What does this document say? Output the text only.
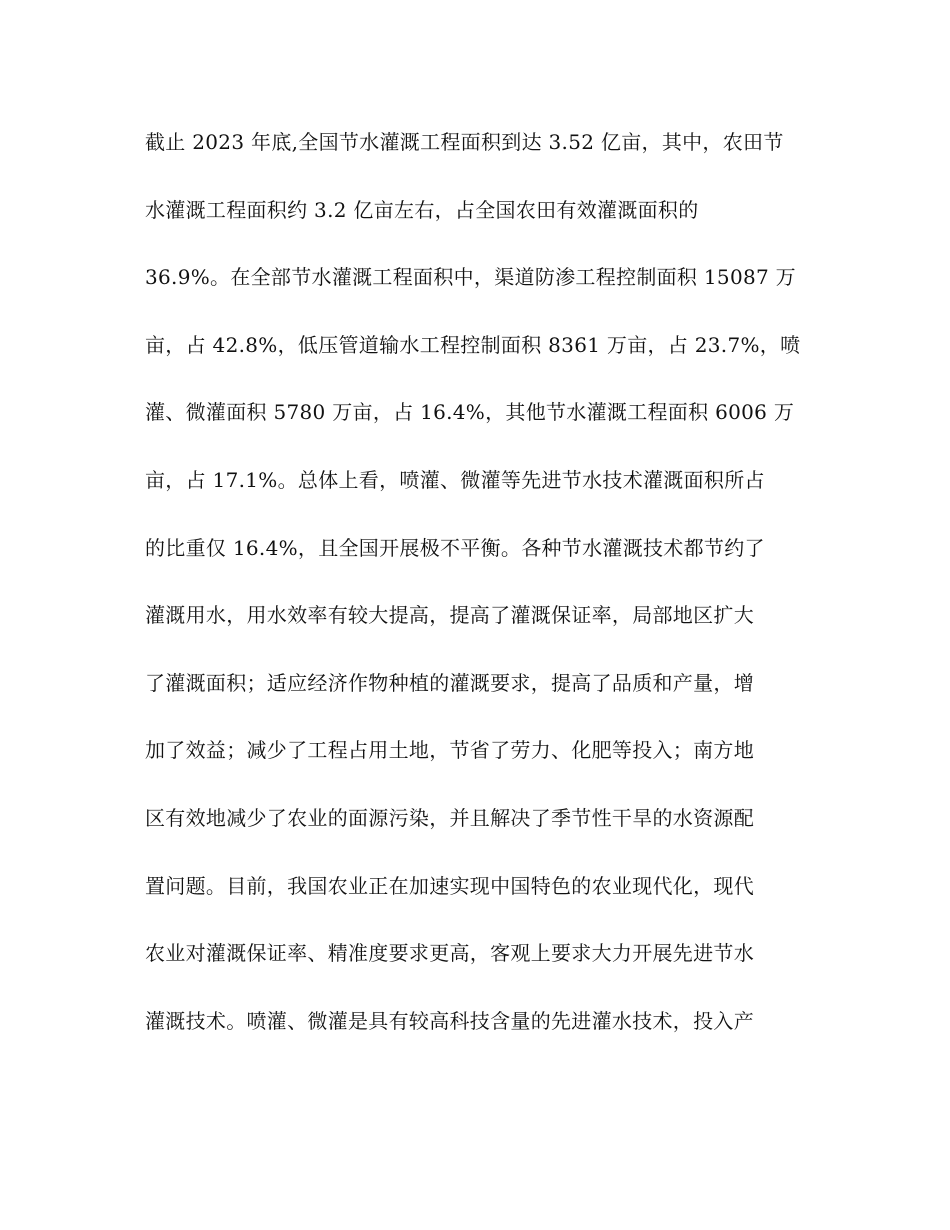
截止 2023 年底,全国节水灌溉工程面积到达 3.52 亿亩，其中，农田节
水灌溉工程面积约 3.2 亿亩左右，占全国农田有效灌溉面积的
36.9%。在全部节水灌溉工程面积中，渠道防渗工程控制面积 15087 万
亩，占 42.8%，低压管道输水工程控制面积 8361 万亩，占 23.7%，喷
灌、微灌面积 5780 万亩，占 16.4%，其他节水灌溉工程面积 6006 万
亩，占 17.1%。总体上看，喷灌、微灌等先进节水技术灌溉面积所占
的比重仅 16.4%，且全国开展极不平衡。各种节水灌溉技术都节约了
灌溉用水，用水效率有较大提高，提高了灌溉保证率，局部地区扩大
了灌溉面积；适应经济作物种植的灌溉要求，提高了品质和产量，增
加了效益；减少了工程占用土地，节省了劳力、化肥等投入；南方地
区有效地减少了农业的面源污染，并且解决了季节性干旱的水资源配
置问题。目前，我国农业正在加速实现中国特色的农业现代化，现代
农业对灌溉保证率、精准度要求更高，客观上要求大力开展先进节水
灌溉技术。喷灌、微灌是具有较高科技含量的先进灌水技术，投入产
